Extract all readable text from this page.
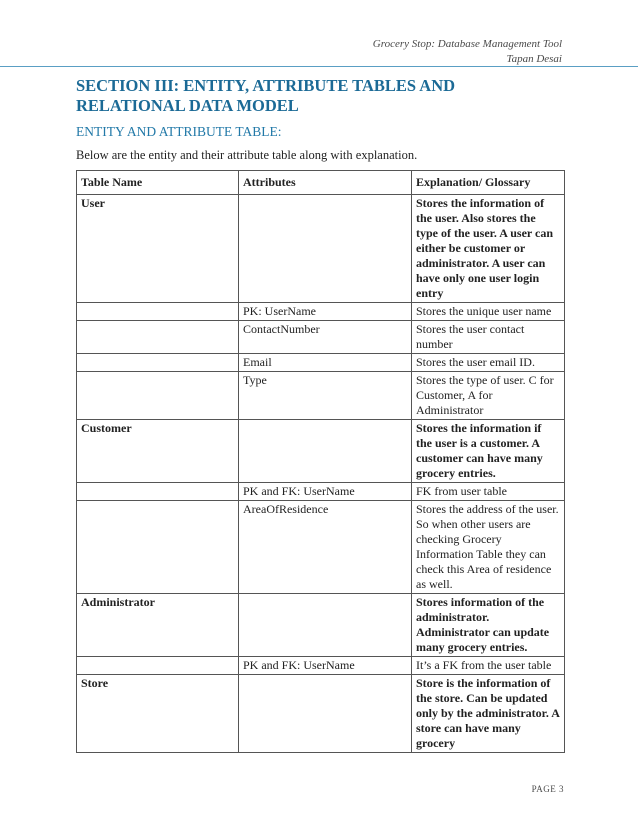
Grocery Stop: Database Management Tool
Tapan Desai
SECTION III: ENTITY, ATTRIBUTE TABLES AND RELATIONAL DATA MODEL
ENTITY AND ATTRIBUTE TABLE:
Below are the entity and their attribute table along with explanation.
Table Name	Attributes	Explanation/ Glossary
User		Stores the information of the user. Also stores the type of the user. A user can either be customer or administrator. A user can have only one user login entry
	PK: UserName	Stores the unique user name
	ContactNumber	Stores the user contact number
	Email	Stores the user email ID.
	Type	Stores the type of user. C for Customer, A for Administrator
Customer		Stores the information if the user is a customer. A customer can have many grocery entries.
	PK and FK: UserName	FK from user table
	AreaOfResidence	Stores the address of the user. So when other users are checking Grocery Information Table they can check this Area of residence as well.
Administrator		Stores information of the administrator. Administrator can update many grocery entries.
	PK and FK: UserName	It’s a FK from the user table
Store		Store is the information of the store. Can be updated only by the administrator. A store can have many grocery
PAGE 3
